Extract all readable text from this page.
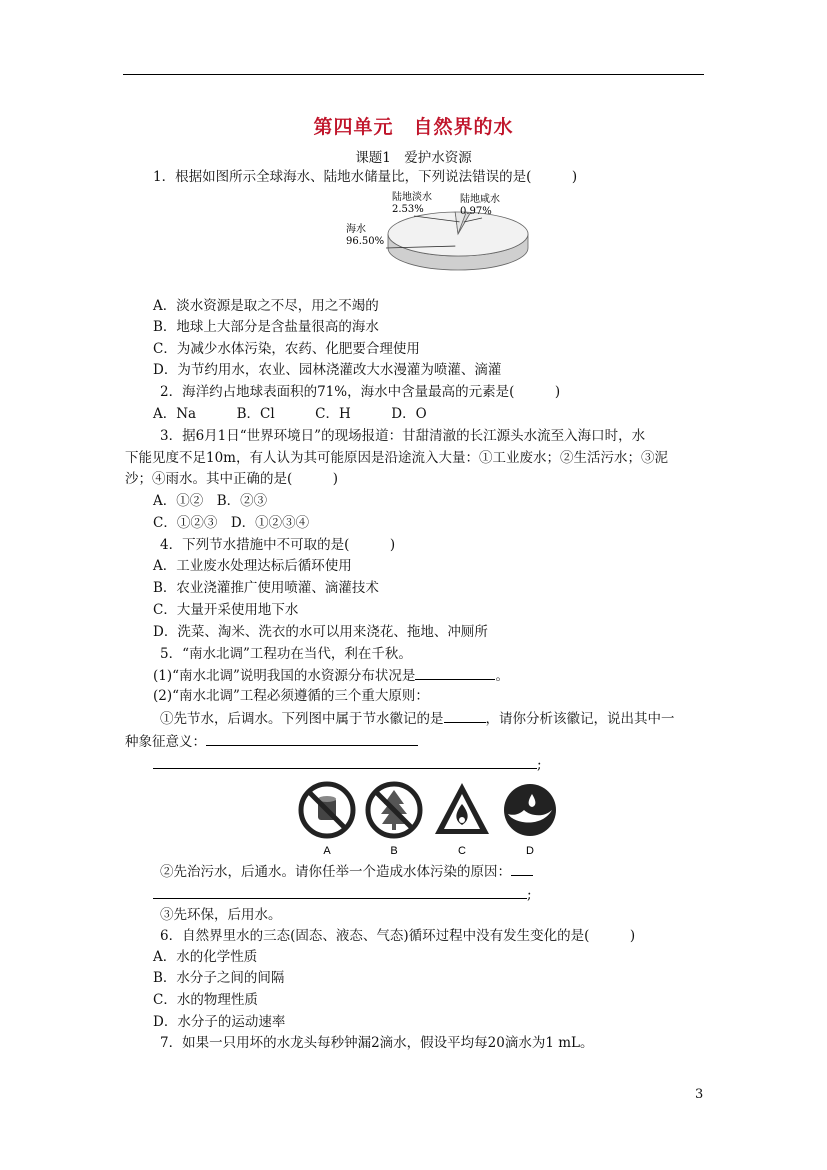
第四单元　自然界的水
课题1　爱护水资源
1．根据如图所示全球海水、陆地水储量比，下列说法错误的是(　　　)
海水
96.50%
陆地淡水
2.53%
陆地咸水
0.97%
A．淡水资源是取之不尽，用之不竭的
B．地球上大部分是含盐量很高的海水
C．为减少水体污染，农药、化肥要合理使用
D．为节约用水，农业、园林浇灌改大水漫灌为喷灌、滴灌
2．海洋约占地球表面积的71%，海水中含量最高的元素是(　　　)
A．Na　　　B．Cl　　　C．H　　　D．O
3．据6月1日“世界环境日”的现场报道：甘甜清澈的长江源头水流至入海口时，水
下能见度不足10m，有人认为其可能原因是沿途流入大量：①工业废水；②生活污水；③泥
沙；④雨水。其中正确的是(　　　)
A．①②　B．②③
C．①②③　D．①②③④
4．下列节水措施中不可取的是(　　　)
A．工业废水处理达标后循环使用
B．农业浇灌推广使用喷灌、滴灌技术
C．大量开采使用地下水
D．洗菜、淘米、洗衣的水可以用来浇花、拖地、冲厕所
5．“南水北调”工程功在当代，利在千秋。
(1)“南水北调”说明我国的水资源分布状况是	。
(2)“南水北调”工程必须遵循的三个重大原则：
①先节水，后调水。下列图中属于节水徽记的是	，请你分析该徽记，说出其中一
种象征意义：
;
A	B	C	D
②先治污水，后通水。请你任举一个造成水体污染的原因：
;
③先环保，后用水。
6．自然界里水的三态(固态、液态、气态)循环过程中没有发生变化的是(　　　)
A．水的化学性质
B．水分子之间的间隔
C．水的物理性质
D．水分子的运动速率
7．如果一只用坏的水龙头每秒钟漏2滴水，假设平均每20滴水为1 mL。
3
